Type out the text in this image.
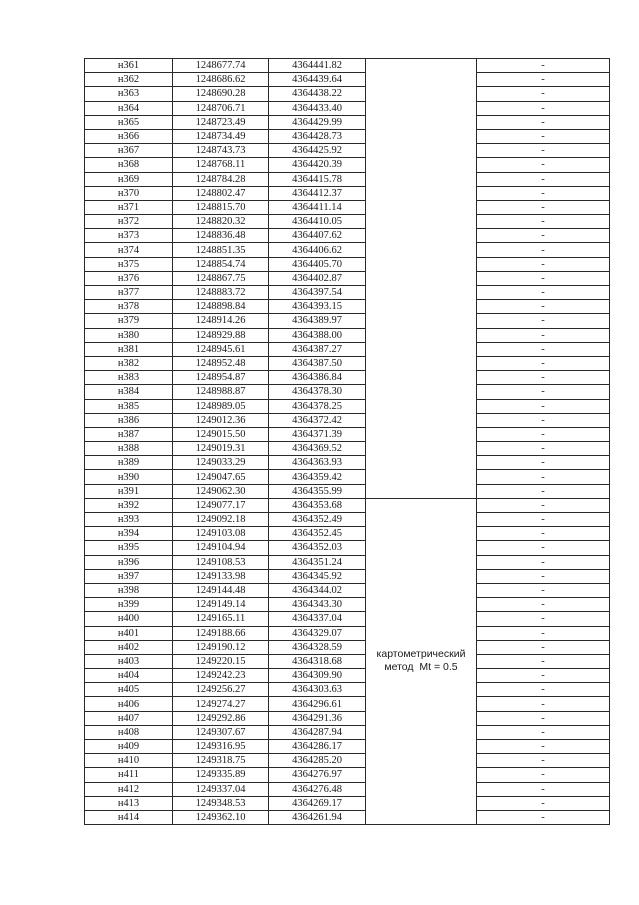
н361	1248677.74	4364441.82		-
н362	1248686.62	4364439.64		-
н363	1248690.28	4364438.22		-
н364	1248706.71	4364433.40		-
н365	1248723.49	4364429.99		-
н366	1248734.49	4364428.73		-
н367	1248743.73	4364425.92		-
н368	1248768.11	4364420.39		-
н369	1248784.28	4364415.78		-
н370	1248802.47	4364412.37		-
н371	1248815.70	4364411.14		-
н372	1248820.32	4364410.05		-
н373	1248836.48	4364407.62		-
н374	1248851.35	4364406.62		-
н375	1248854.74	4364405.70		-
н376	1248867.75	4364402.87		-
н377	1248883.72	4364397.54		-
н378	1248898.84	4364393.15		-
н379	1248914.26	4364389.97		-
н380	1248929.88	4364388.00		-
н381	1248945.61	4364387.27		-
н382	1248952.48	4364387.50		-
н383	1248954.87	4364386.84		-
н384	1248988.87	4364378.30		-
н385	1248989.05	4364378.25		-
н386	1249012.36	4364372.42		-
н387	1249015.50	4364371.39		-
н388	1249019.31	4364369.52		-
н389	1249033.29	4364363.93		-
н390	1249047.65	4364359.42		-
н391	1249062.30	4364355.99		-
н392	1249077.17	4364353.68	картометрический
метод  Mt = 0.5	-
н393	1249092.18	4364352.49		-
н394	1249103.08	4364352.45		-
н395	1249104.94	4364352.03		-
н396	1249108.53	4364351.24		-
н397	1249133.98	4364345.92		-
н398	1249144.48	4364344.02		-
н399	1249149.14	4364343.30		-
н400	1249165.11	4364337.04		-
н401	1249188.66	4364329.07		-
н402	1249190.12	4364328.59		-
н403	1249220.15	4364318.68		-
н404	1249242.23	4364309.90		-
н405	1249256.27	4364303.63		-
н406	1249274.27	4364296.61		-
н407	1249292.86	4364291.36		-
н408	1249307.67	4364287.94		-
н409	1249316.95	4364286.17		-
н410	1249318.75	4364285.20		-
н411	1249335.89	4364276.97		-
н412	1249337.04	4364276.48		-
н413	1249348.53	4364269.17		-
н414	1249362.10	4364261.94		-
